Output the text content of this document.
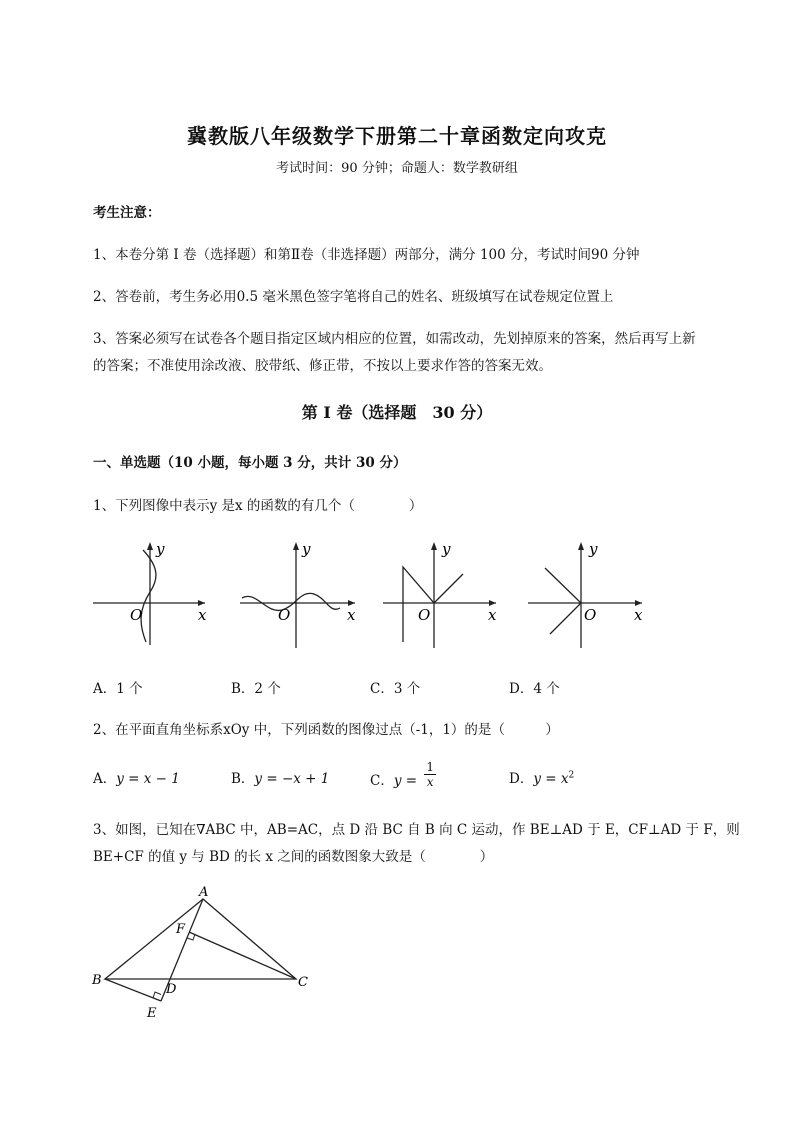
冀教版八年级数学下册第二十章函数定向攻克
考试时间：90 分钟；命题人：数学教研组
考生注意：
1、本卷分第 I 卷（选择题）和第Ⅱ卷（非选择题）两部分，满分 100 分，考试时间90 分钟
2、答卷前，考生务必用0.5 毫米黑色签字笔将自己的姓名、班级填写在试卷规定位置上
3、答案必须写在试卷各个题目指定区域内相应的位置，如需改动，先划掉原来的答案，然后再写上新
的答案；不准使用涂改液、胶带纸、修正带，不按以上要求作答的答案无效。
第 I 卷（选择题　30 分）
一、单选题（10 小题，每小题 3 分，共计 30 分）
1、下列图像中表示y 是x 的函数的有几个（　　　　）
y
x
O
y
x
O
y
x
O
y
x
O
A．1 个	B．2 个	C．3 个	D．4 个
2、在平面直角坐标系xOy 中，下列函数的图像过点（-1，1）的是（　　　）
A．y = x − 1	B．y = −x + 1	C．$y = \frac{1}{x}$	D．$y = x^2$
3、如图，已知在∇ABC 中，AB=AC，点 D 沿 BC 自 B 向 C 运动，作 BE⊥AD 于 E，CF⊥AD 于 F，则
BE+CF 的值 y 与 BD 的长 x 之间的函数图象大致是（　　　　）
A
B	C
D
E
F
